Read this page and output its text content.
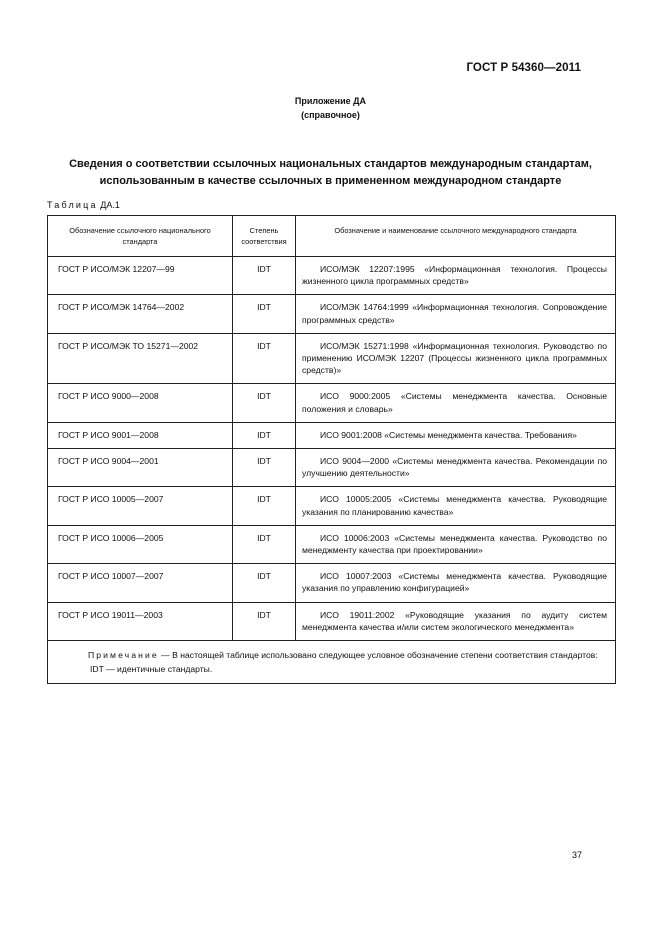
ГОСТ Р 54360—2011
Приложение ДА
(справочное)
Сведения о соответствии ссылочных национальных стандартов международным стандартам,
использованным в качестве ссылочных в примененном международном стандарте
Таблица ДА.1
Обозначение ссылочного национального стандарта	Степень соответствия	Обозначение и наименование ссылочного международного стандарта
ГОСТ Р ИСО/МЭК 12207—99	IDT	ИСО/МЭК 12207:1995 «Информационная технология. Процессы жизненного цикла программных средств»
ГОСТ Р ИСО/МЭК 14764—2002	IDT	ИСО/МЭК 14764:1999 «Информационная технология. Сопровождение программных средств»
ГОСТ Р ИСО/МЭК ТО 15271—2002	IDT	ИСО/МЭК 15271:1998 «Информационная технология. Руководство по применению ИСО/МЭК 12207 (Процессы жизненного цикла программных средств)»
ГОСТ Р ИСО 9000—2008	IDT	ИСО 9000:2005 «Системы менеджмента качества. Основные положения и словарь»
ГОСТ Р ИСО 9001—2008	IDT	ИСО 9001:2008 «Системы менеджмента качества. Требования»
ГОСТ Р ИСО 9004—2001	IDT	ИСО 9004—2000 «Системы менеджмента качества. Рекомендации по улучшению деятельности»
ГОСТ Р ИСО 10005—2007	IDT	ИСО 10005:2005 «Системы менеджмента качества. Руководящие указания по планированию качества»
ГОСТ Р ИСО 10006—2005	IDT	ИСО 10006:2003 «Системы менеджмента качества. Руководство по менеджменту качества при проектировании»
ГОСТ Р ИСО 10007—2007	IDT	ИСО 10007:2003 «Системы менеджмента качества. Руководящие указания по управлению конфигурацией»
ГОСТ Р ИСО 19011—2003	IDT	ИСО 19011:2002 «Руководящие указания по аудиту систем менеджмента качества и/или систем экологического менеджмента»

Примечание — В настоящей таблице использовано следующее условное обозначение степени соответствия стандартов:
IDT — идентичные стандарты.		
37
